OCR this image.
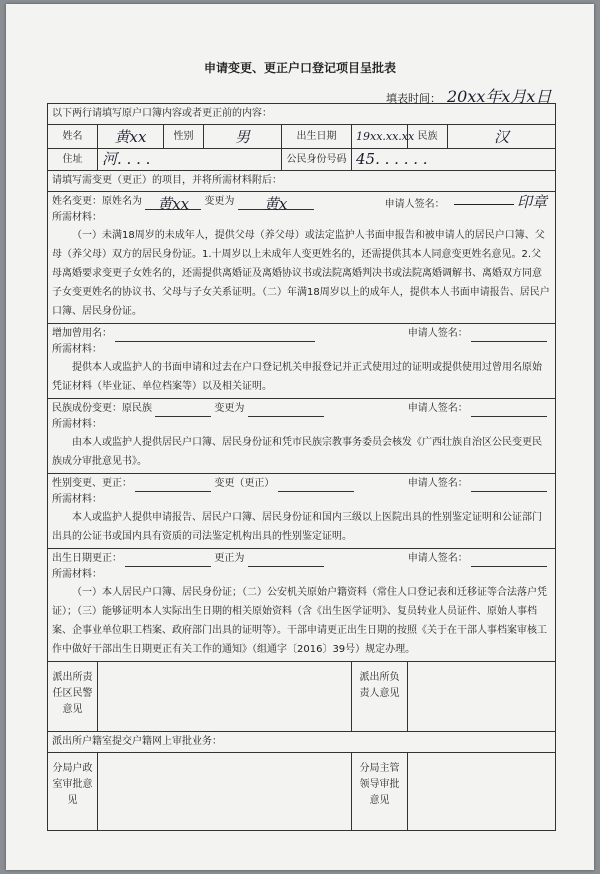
申请变更、更正户口登记项目呈批表
填表时间： 20xx年x月x日
以下两行请填写原户口簿内容或者更正前的内容：							
姓名	黄xx	性别	男	出生日期	19xx.xx.xx	民族	汉
住址	河. . . .			公民身份号码	45. . . . . .		
请填写需变更（更正）的项目，并将所需材料附后：							

姓名变更：原姓名为 黄xx 变更为 黄x 申请人签名： 印章
所需材料：
（一）未满18周岁的未成年人，提供父母（养父母）或法定监护人书面申报告和被申请人的居民户口簿、父母（养父母）双方的居民身份证。1.十周岁以上未成年人变更姓名的，还需提供其本人同意变更姓名意见。2.父母离婚要求变更子女姓名的，还需提供离婚证及离婚协议书或法院离婚判决书或法院离婚调解书、离婚双方同意子女变更姓名的协议书、父母与子女关系证明。（二）年满18周岁以上的成年人，提供本人书面申请报告、居民户口簿、居民身份证。							

增加曾用名： 申请人签名：
所需材料：
提供本人或监护人的书面申请和过去在户口登记机关申报登记并正式使用过的证明或提供使用过曾用名原始凭证材料（毕业证、单位档案等）以及相关证明。							

民族成份变更：原民族 变更为 申请人签名：
所需材料：
由本人或监护人提供居民户口簿、居民身份证和凭市民族宗教事务委员会核发《广西壮族自治区公民变更民族成分审批意见书》。							

性别变更、更正： 变更（更正） 申请人签名：
所需材料：
本人或监护人提供申请报告、居民户口簿、居民身份证和国内三级以上医院出具的性别鉴定证明和公证部门出具的公证书或国内具有资质的司法鉴定机构出具的性别鉴定证明。							

出生日期更正： 更正为 申请人签名：
所需材料：
（一）本人居民户口簿、居民身份证；（二）公安机关原始户籍资料（常住人口登记表和迁移证等合法落户凭证）；（三）能够证明本人实际出生日期的相关原始资料（含《出生医学证明》、复员转业人员证件、原始人事档案、企事业单位职工档案、政府部门出具的证明等）。干部申请更正出生日期的按照《关于在干部人事档案审核工作中做好干部出生日期更正有关工作的通知》（组通字〔2016〕39号）规定办理。							

派出所责任区民警意见					派出所负责人意见		
派出所户籍室提交户籍网上审批业务：							
分局户政室审批意见					分局主管领导审批意见		
